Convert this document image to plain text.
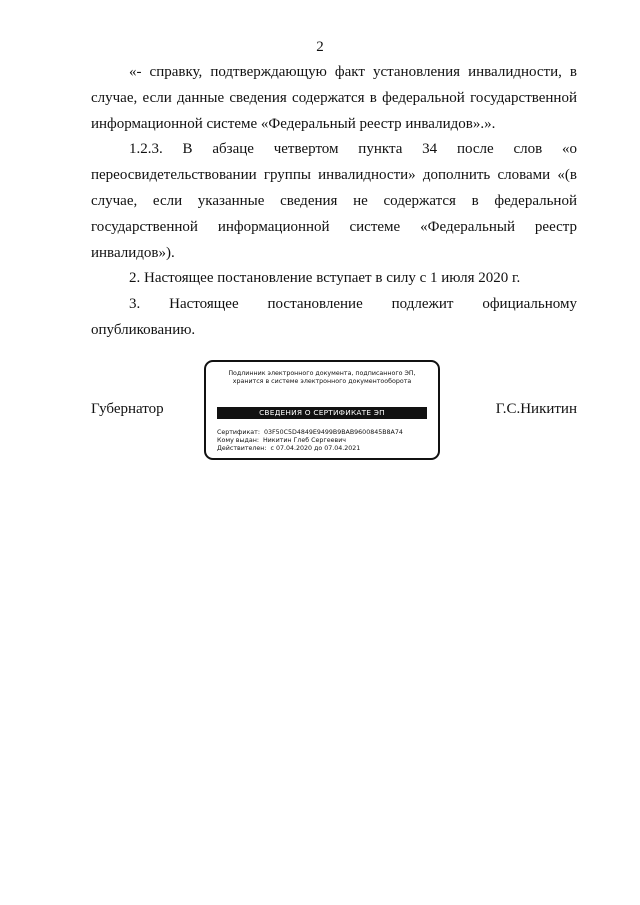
2

«- справку, подтверждающую факт установления инвалидности, в случае, если данные сведения содержатся в федеральной государственной информационной системе «Федеральный реестр инвалидов».».

1.2.3. В абзаце четвертом пункта 34 после слов «о переосвидетельствовании группы инвалидности» дополнить словами «(в случае, если указанные сведения не содержатся в федеральной государственной информационной системе «Федеральный реестр инвалидов»).

2. Настоящее постановление вступает в силу с 1 июля 2020 г.

3. Настоящее постановление подлежит официальному опубликованию.

Губернатор
Подлинник электронного документа, подписанного ЭП, хранится в системе электронного документооборота
СВЕДЕНИЯ О СЕРТИФИКАТЕ ЭП
Сертификат: 03F50C5D4849E9499B9BAB9600845B8A74
Кому выдан: Никитин Глеб Сергеевич
Действителен: с 07.04.2020 до 07.04.2021
Г.С.Никитин
